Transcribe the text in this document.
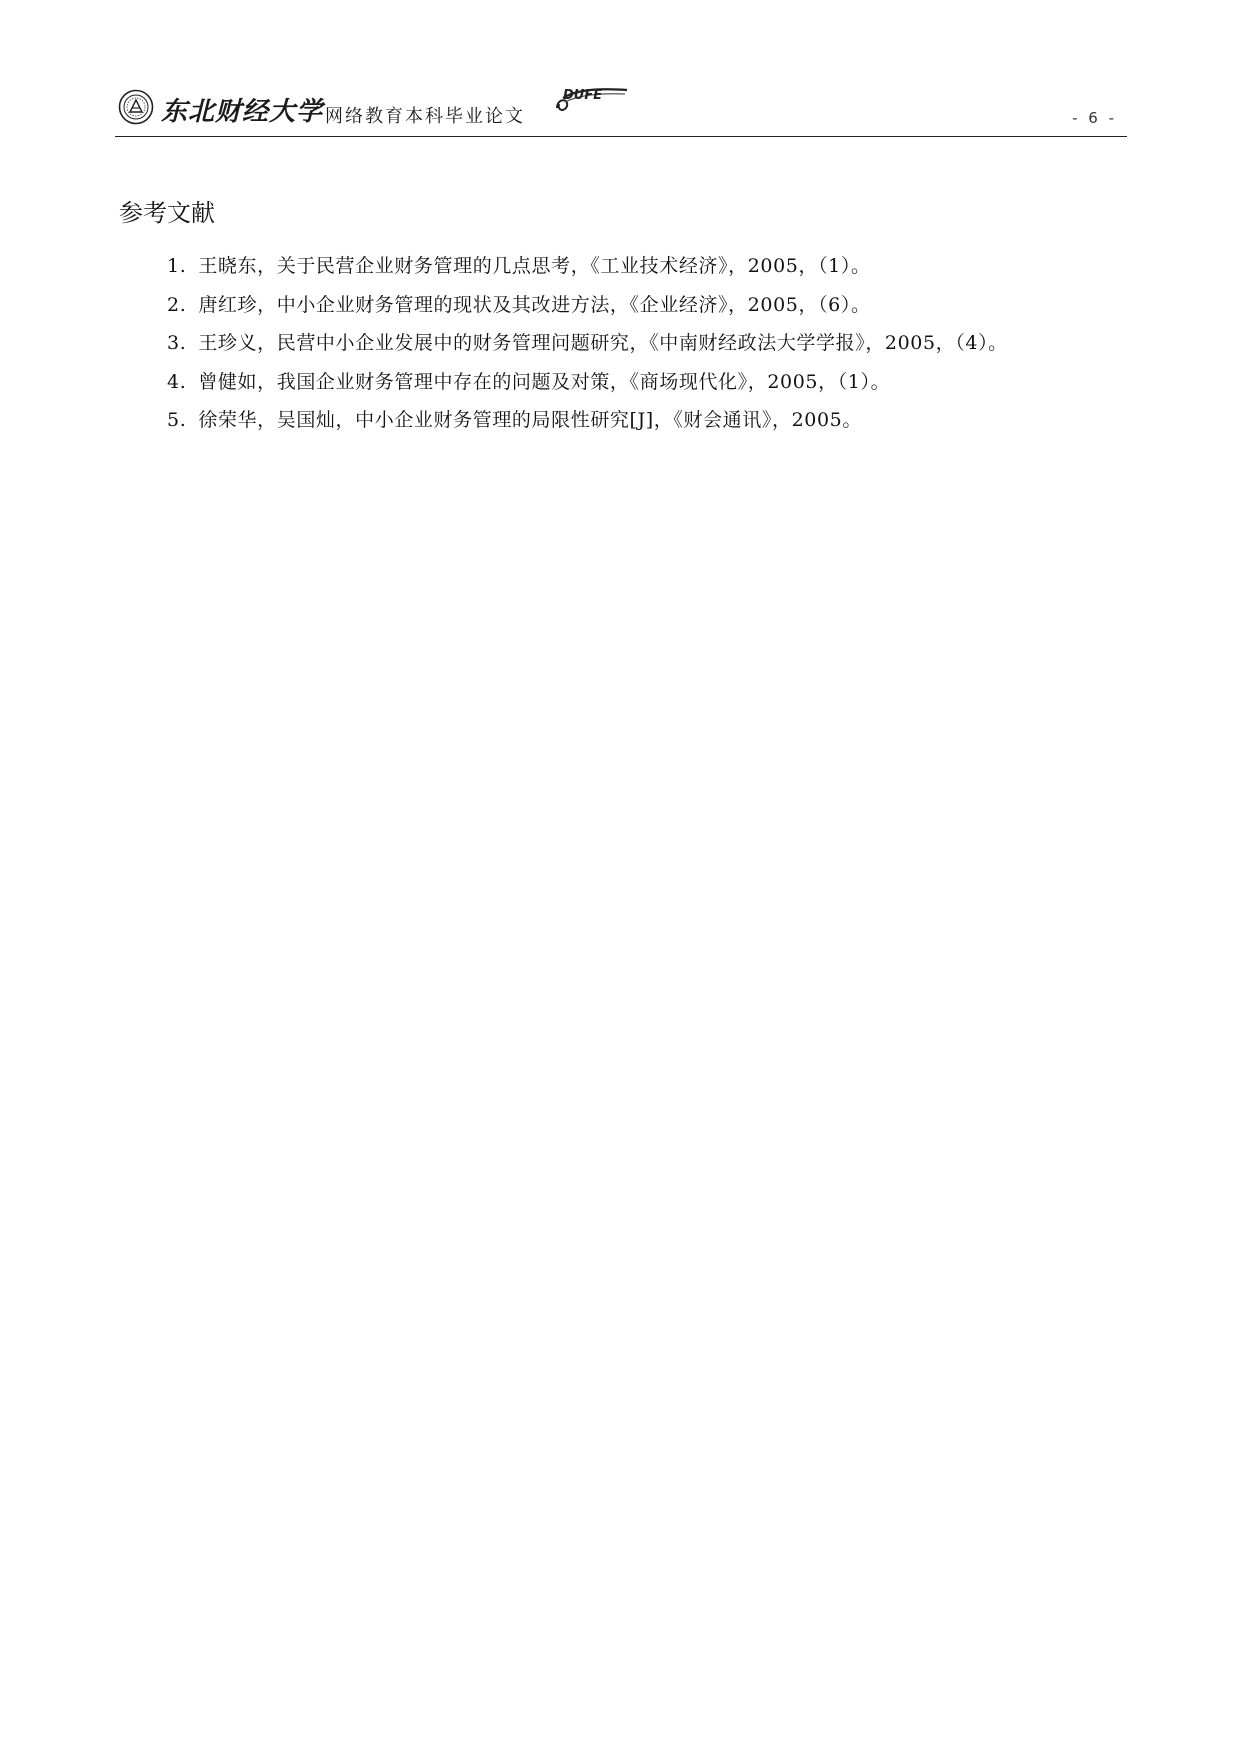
东北财经大学 网络教育本科毕业论文
DUFE
- 6 -
参考文献
1. 王晓东，关于民营企业财务管理的几点思考，《工业技术经济》，2005，（1）。
2. 唐红珍，中小企业财务管理的现状及其改进方法，《企业经济》，2005，（6）。
3. 王珍义，民营中小企业发展中的财务管理问题研究，《中南财经政法大学学报》，2005，（4）。
4. 曾健如，我国企业财务管理中存在的问题及对策，《商场现代化》，2005，（1）。
5. 徐荣华，吴国灿，中小企业财务管理的局限性研究[J]，《财会通讯》，2005。
